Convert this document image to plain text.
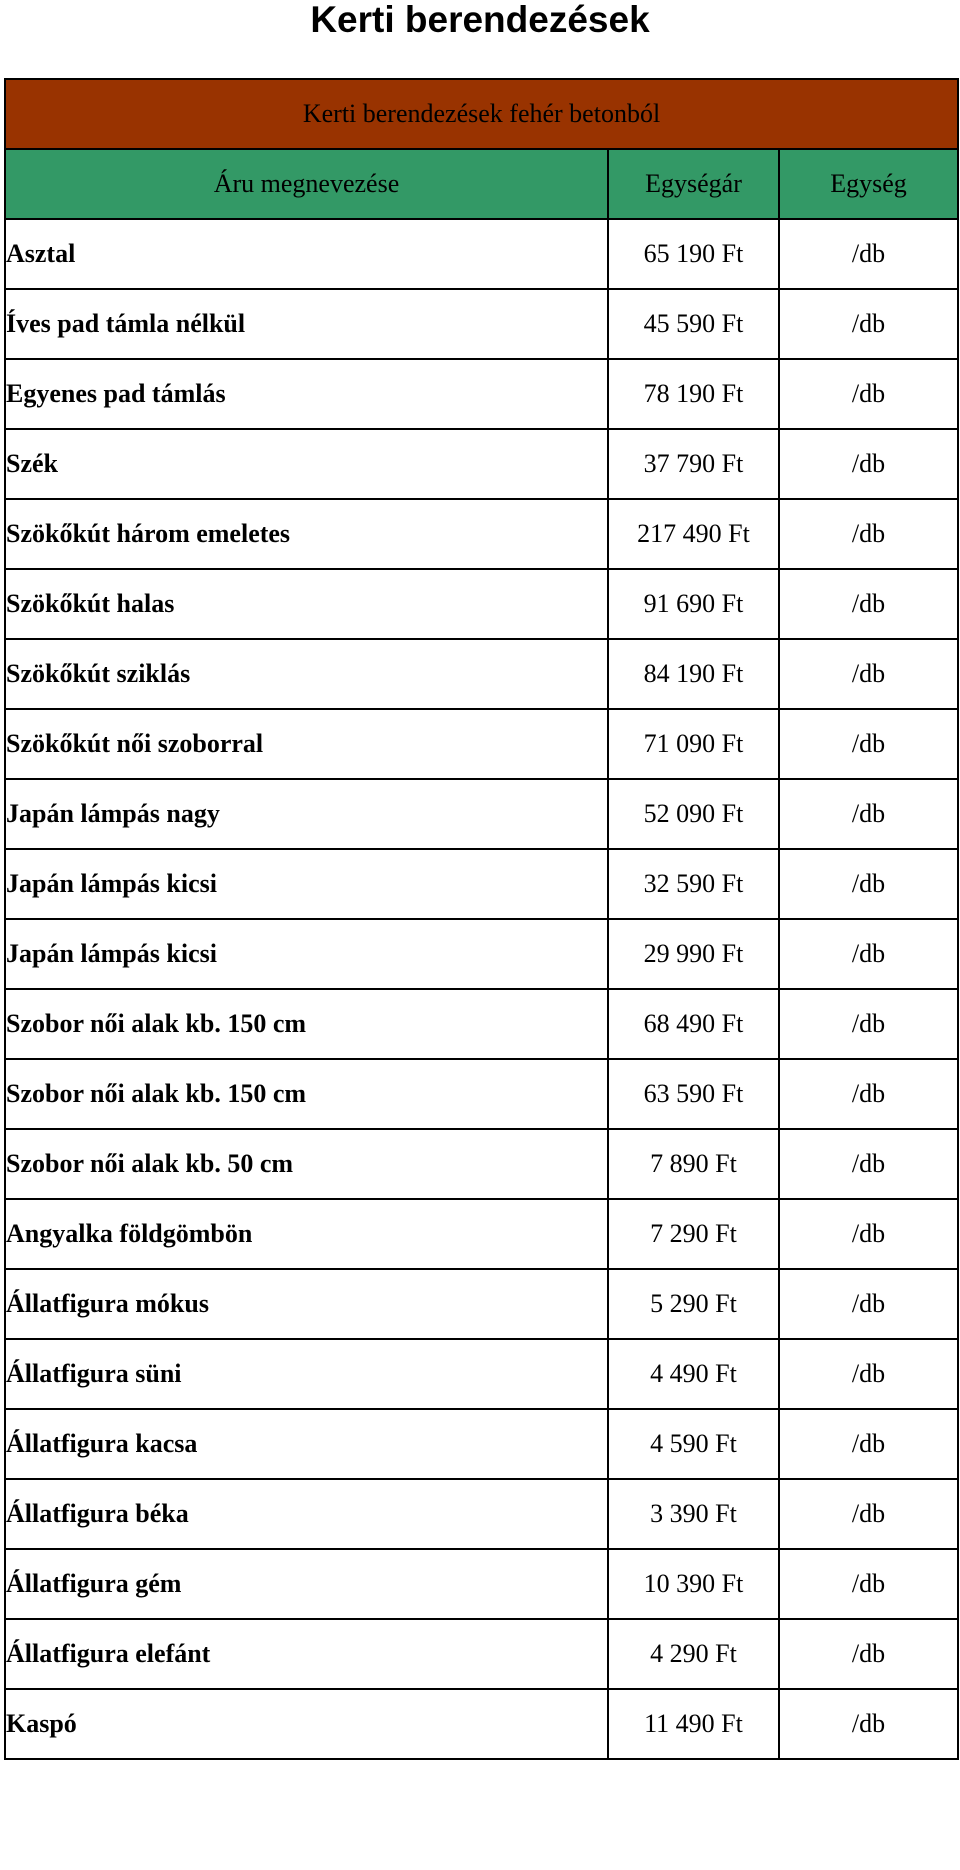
Kerti berendezések
Kerti berendezések fehér betonból		
Áru megnevezése	Egységár	Egység
Asztal	65 190 Ft	/db
Íves pad támla nélkül	45 590 Ft	/db
Egyenes pad támlás	78 190 Ft	/db
Szék	37 790 Ft	/db
Szökőkút három emeletes	217 490 Ft	/db
Szökőkút halas	91 690 Ft	/db
Szökőkút sziklás	84 190 Ft	/db
Szökőkút női szoborral	71 090 Ft	/db
Japán lámpás nagy	52 090 Ft	/db
Japán lámpás kicsi	32 590 Ft	/db
Japán lámpás kicsi	29 990 Ft	/db
Szobor női alak kb. 150 cm	68 490 Ft	/db
Szobor női alak kb. 150 cm	63 590 Ft	/db
Szobor női alak kb. 50 cm	7 890 Ft	/db
Angyalka földgömbön	7 290 Ft	/db
Állatfigura mókus	5 290 Ft	/db
Állatfigura süni	4 490 Ft	/db
Állatfigura kacsa	4 590 Ft	/db
Állatfigura béka	3 390 Ft	/db
Állatfigura gém	10 390 Ft	/db
Állatfigura elefánt	4 290 Ft	/db
Kaspó	11 490 Ft	/db
